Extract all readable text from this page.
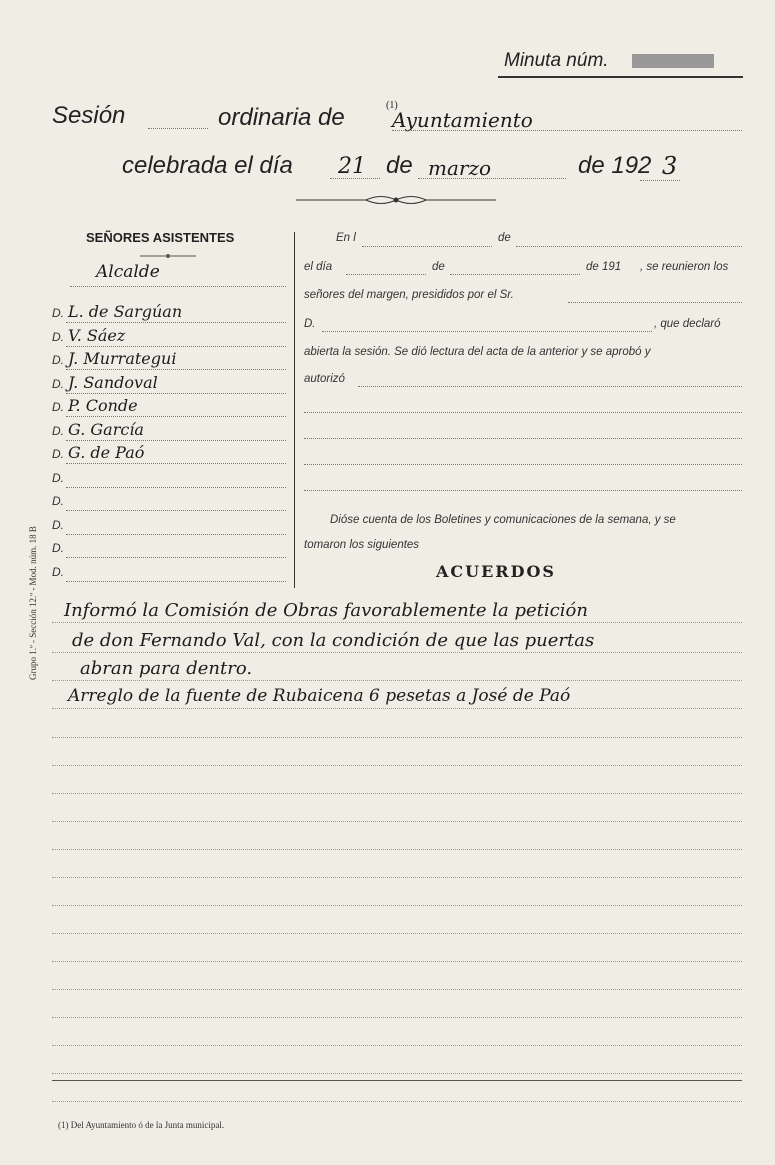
Minuta núm.
Sesión	ordinaria de	(1)
Ayuntamiento
celebrada el día 21 de marzo	de 192 3
SEÑORES ASISTENTES
Alcalde
D. L. de Sargúan
D. V. Sáez
D. J. Murrategui
D. J. Sandoval
D. P. Conde
D. G. García
D. G. de Paó
D.
D.
D.
D.
D.
En l	de
el día	de	de 191 , se reunieron los
señores del margen, presididos por el Sr.
D.	, que declaró
abierta la sesión. Se dió lectura del acta de la anterior y se aprobó y
autorizó
Dióse cuenta de los Boletines y comunicaciones de la semana, y se
tomaron los siguientes
ACUERDOS
Informó la Comisión de Obras favorablemente la petición
de don Fernando Val, con la condición de que las puertas
abran para dentro.
Arreglo de la fuente de Rubaicena 6 pesetas a José de Paó
Grupo 1.º - Sección 12.º - Mod. núm. 18 B
(1) Del Ayuntamiento ó de la Junta municipal.
